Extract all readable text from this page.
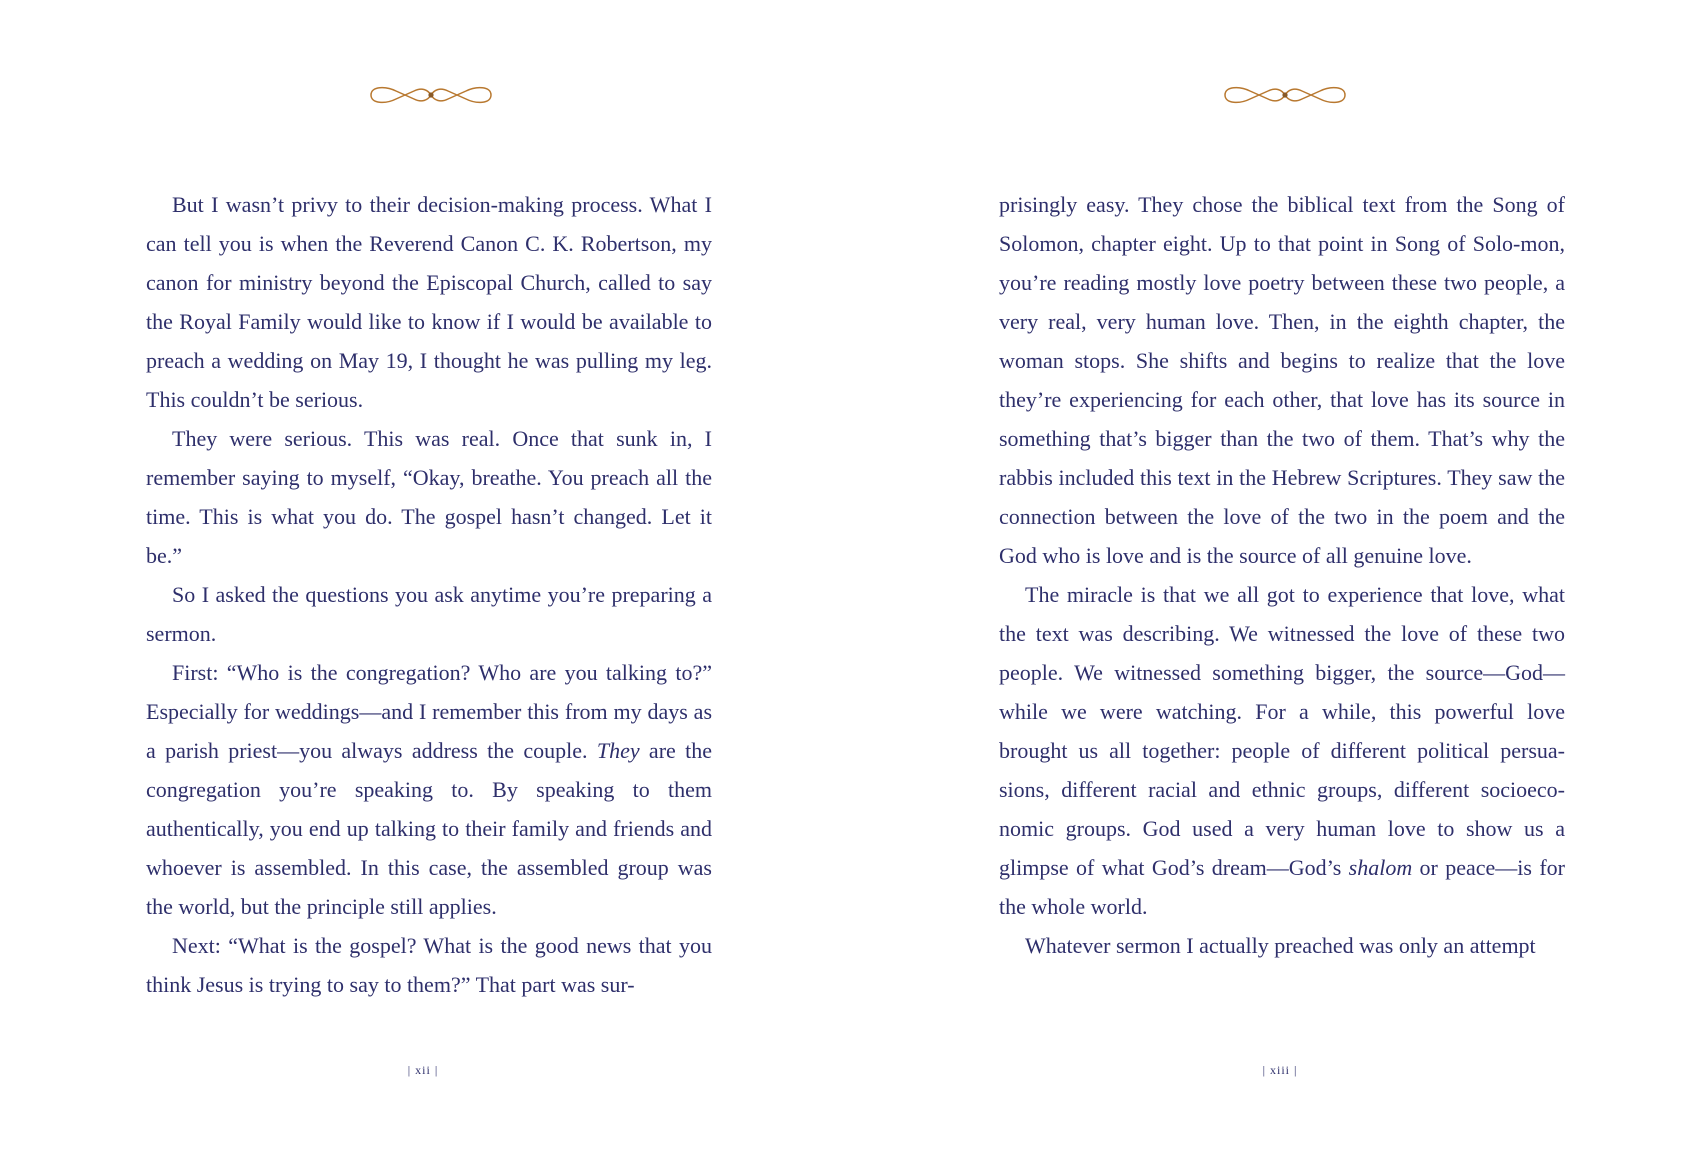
But I wasn’t privy to their decision-making process. What I can tell you is when the Reverend Canon C. K. Robertson, my canon for ministry beyond the Episcopal Church, called to say the Royal Family would like to know if I would be available to preach a wedding on May 19, I thought he was pulling my leg. This couldn’t be serious.

They were serious. This was real. Once that sunk in, I remember saying to myself, “Okay, breathe. You preach all the time. This is what you do. The gospel hasn’t changed. Let it be.”

So I asked the questions you ask anytime you’re preparing a sermon.

First: “Who is the congregation? Who are you talking to?” Especially for weddings—and I remember this from my days as a parish priest—you always address the couple. They are the congregation you’re speaking to. By speaking to them authentically, you end up talking to their family and friends and whoever is assembled. In this case, the assembled group was the world, but the principle still applies.

Next: “What is the gospel? What is the good news that you think Jesus is trying to say to them?” That part was sur-

| xii |

prisingly easy. They chose the biblical text from the Song of Solomon, chapter eight. Up to that point in Song of Solo-mon, you’re reading mostly love poetry between these two people, a very real, very human love. Then, in the eighth chapter, the woman stops. She shifts and begins to realize that the love they’re experiencing for each other, that love has its source in something that’s bigger than the two of them. That’s why the rabbis included this text in the Hebrew Scriptures. They saw the connection between the love of the two in the poem and the God who is love and is the source of all genuine love.

The miracle is that we all got to experience that love, what the text was describing. We witnessed the love of these two people. We witnessed something bigger, the source—God—while we were watching. For a while, this powerful love brought us all together: people of different political persua-sions, different racial and ethnic groups, different socioeco-nomic groups. God used a very human love to show us a glimpse of what God’s dream—God’s shalom or peace—is for the whole world.

Whatever sermon I actually preached was only an attempt

| xiii |
